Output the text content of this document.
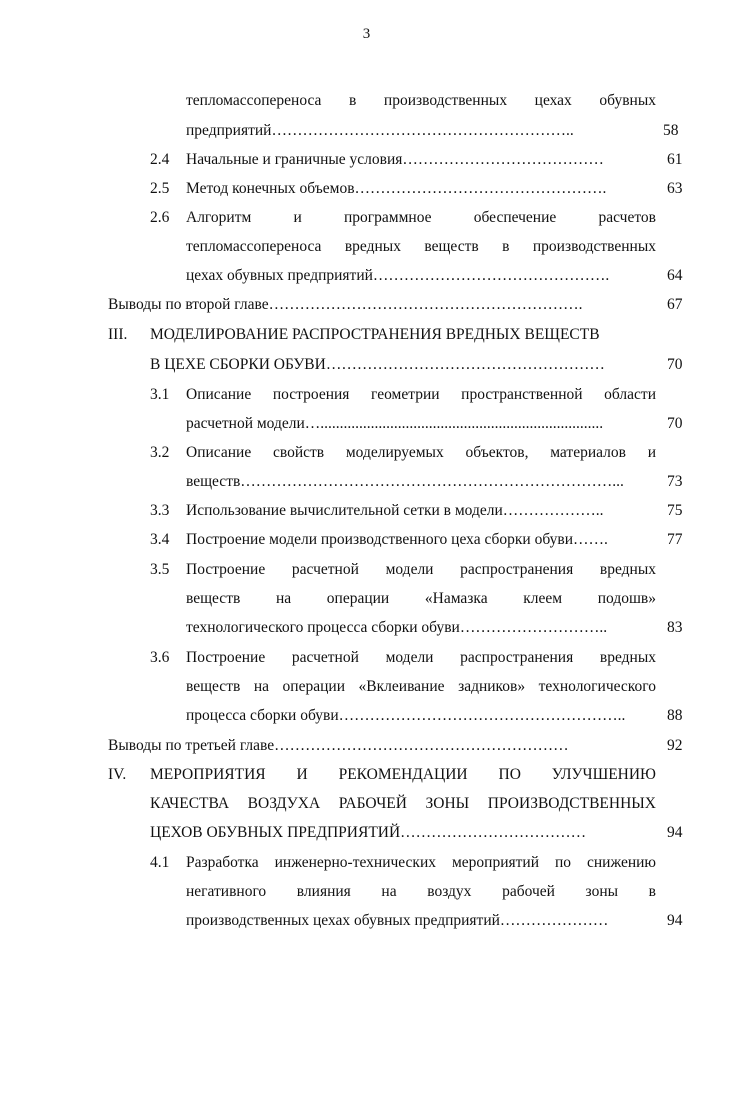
3
тепломассопереноса в производственных цехах обувных
предприятий…………………………………………………..	58
2.4 Начальные и граничные условия…………………………………	61
2.5 Метод конечных объемов………………………………………….	63
2.6 Алгоритм и программное обеспечение расчетов
тепломассопереноса вредных веществ в производственных
цехах обувных предприятий……………………………………….	64
Выводы по второй главе…………………………………………………….	67
III. МОДЕЛИРОВАНИЕ РАСПРОСТРАНЕНИЯ ВРЕДНЫХ ВЕЩЕСТВ
В ЦЕХЕ СБОРКИ ОБУВИ………………………………………………	70
3.1 Описание построения геометрии пространственной области
расчетной модели….........................................................................	70
3.2 Описание свойств моделируемых объектов, материалов и
веществ………………………………………………………………...	73
3.3 Использование вычислительной сетки в модели………………..	75
3.4 Построение модели производственного цеха сборки обуви…….	77
3.5 Построение расчетной модели распространения вредных
веществ на операции «Намазка клеем подошв»
технологического процесса сборки обуви………………………..	83
3.6 Построение расчетной модели распространения вредных
веществ на операции «Вклеивание задников» технологического
процесса сборки обуви………………………………………………..	88
Выводы по третьей главе…………………………………………………	92
IV. МЕРОПРИЯТИЯ И РЕКОМЕНДАЦИИ ПО УЛУЧШЕНИЮ
КАЧЕСТВА ВОЗДУХА РАБОЧЕЙ ЗОНЫ ПРОИЗВОДСТВЕННЫХ
ЦЕХОВ ОБУВНЫХ ПРЕДПРИЯТИЙ………………………………	94
4.1 Разработка инженерно-технических мероприятий по снижению
негативного влияния на воздух рабочей зоны в
производственных цехах обувных предприятий…………………	94
